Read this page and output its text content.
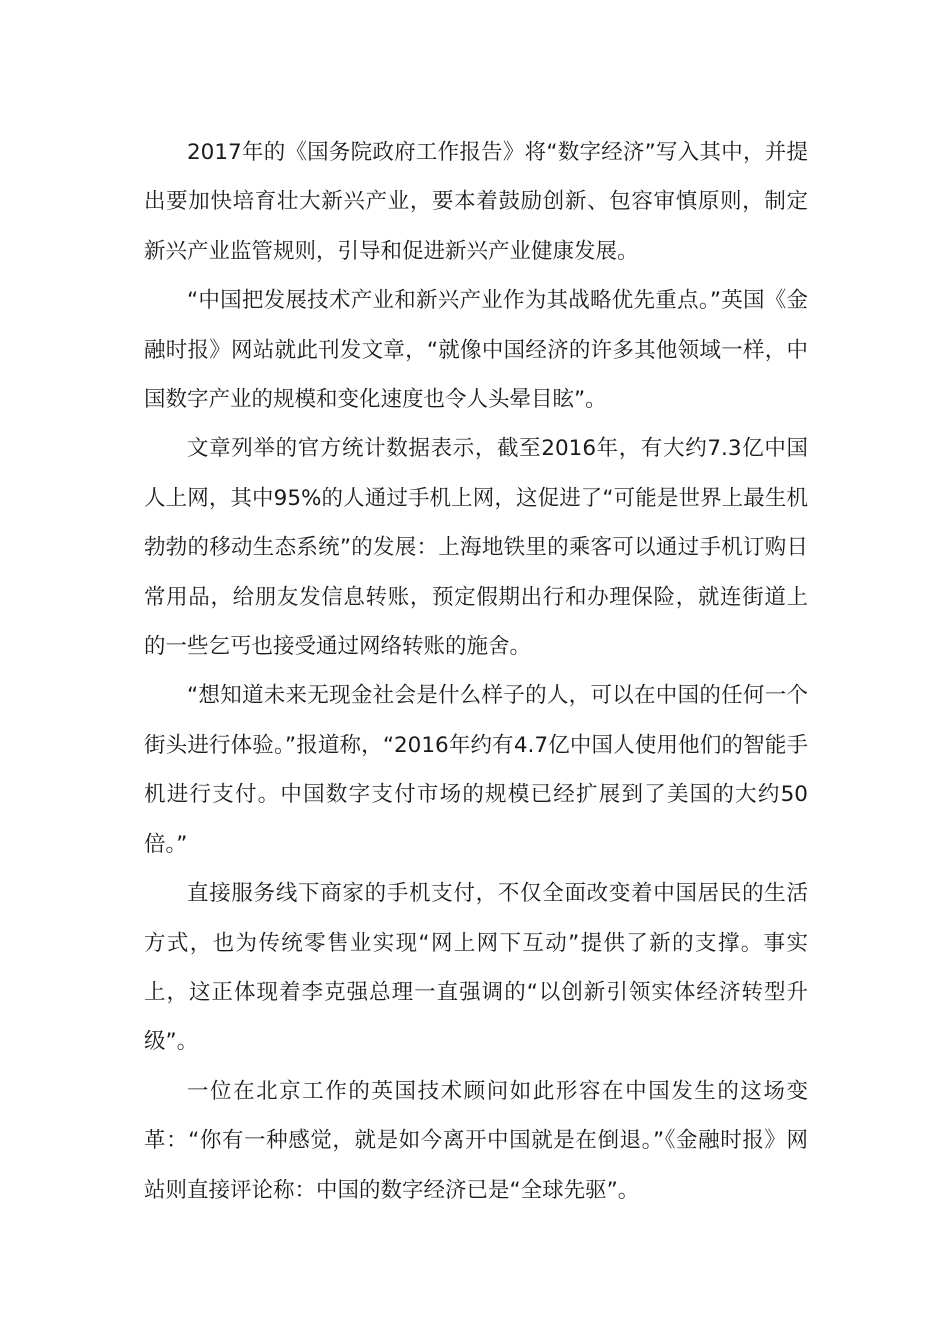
2017年的《国务院政府工作报告》将“数字经济”写入其中，并提出要加快培育壮大新兴产业，要本着鼓励创新、包容审慎原则，制定新兴产业监管规则，引导和促进新兴产业健康发展。

“中国把发展技术产业和新兴产业作为其战略优先重点。”英国《金融时报》网站就此刊发文章，“就像中国经济的许多其他领域一样，中国数字产业的规模和变化速度也令人头晕目眩”。

文章列举的官方统计数据表示，截至2016年，有大约7.3亿中国人上网，其中95%的人通过手机上网，这促进了“可能是世界上最生机勃勃的移动生态系统”的发展：上海地铁里的乘客可以通过手机订购日常用品，给朋友发信息转账，预定假期出行和办理保险，就连街道上的一些乞丐也接受通过网络转账的施舍。

“想知道未来无现金社会是什么样子的人，可以在中国的任何一个街头进行体验。”报道称，“2016年约有4.7亿中国人使用他们的智能手机进行支付。中国数字支付市场的规模已经扩展到了美国的大约50倍。”

直接服务线下商家的手机支付，不仅全面改变着中国居民的生活方式，也为传统零售业实现“网上网下互动”提供了新的支撑。事实上，这正体现着李克强总理一直强调的“以创新引领实体经济转型升级”。

一位在北京工作的英国技术顾问如此形容在中国发生的这场变革：“你有一种感觉，就是如今离开中国就是在倒退。”《金融时报》网站则直接评论称：中国的数字经济已是“全球先驱”。
